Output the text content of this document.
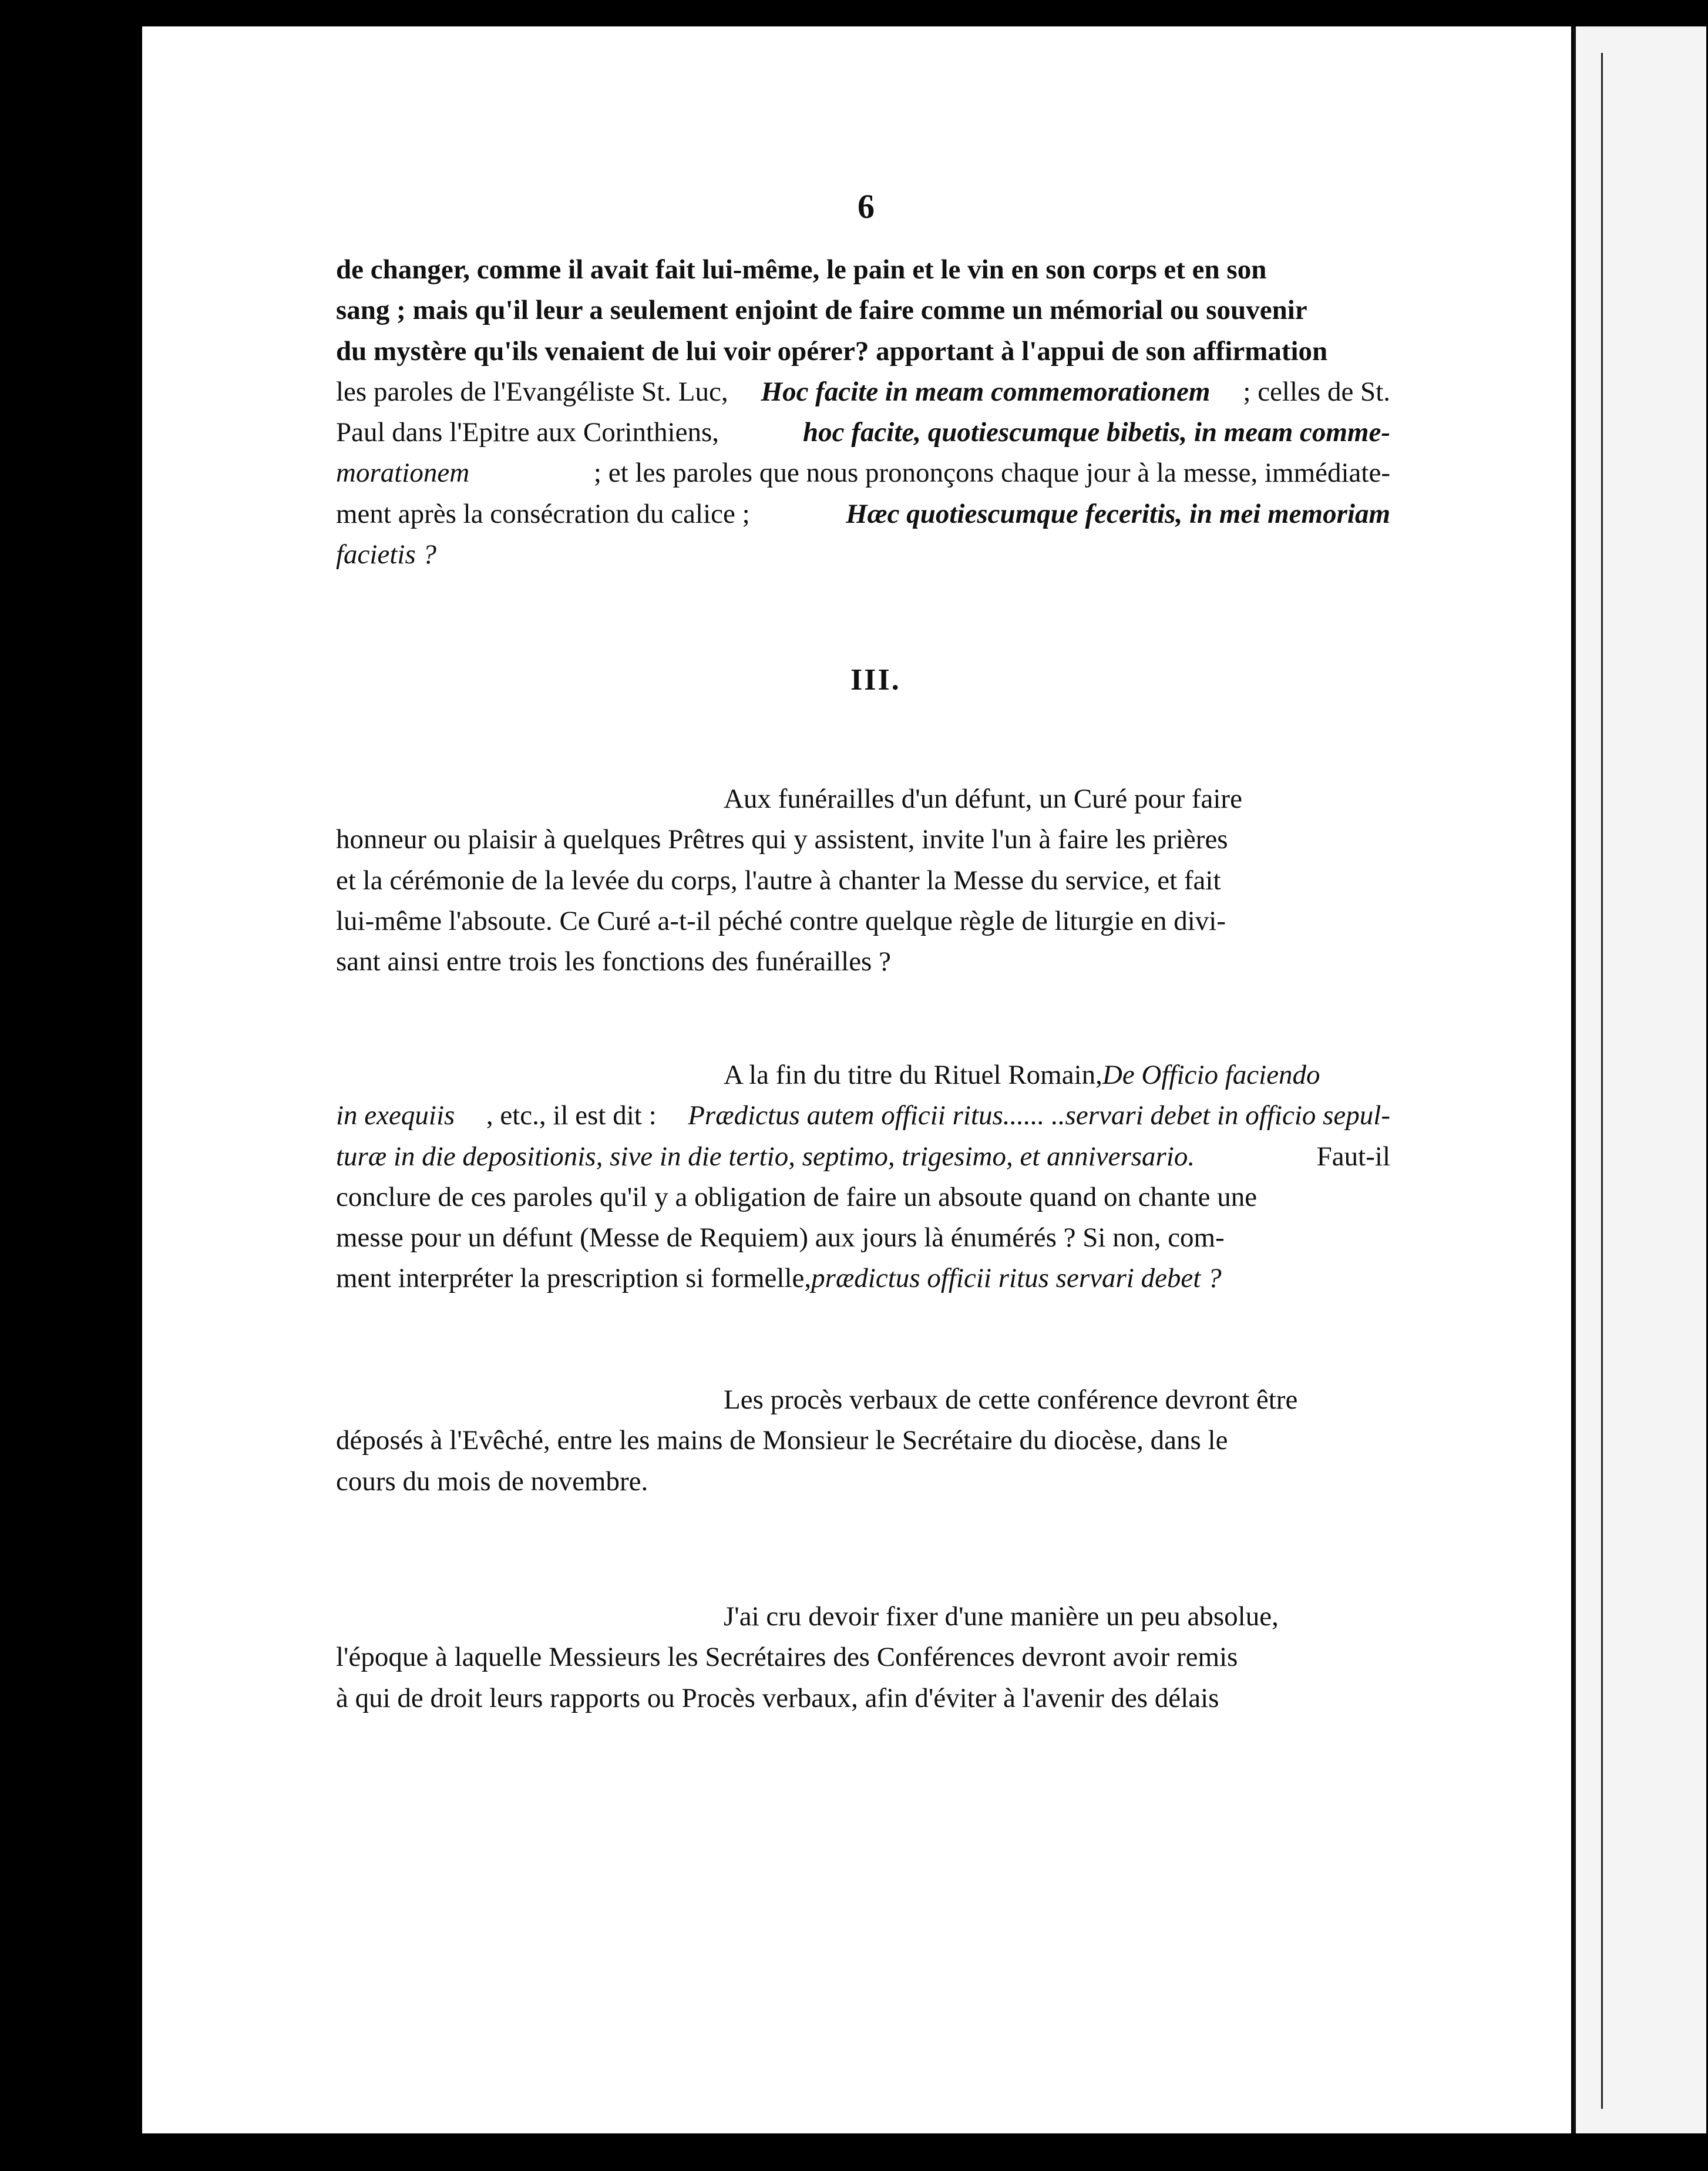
6
de changer, comme il avait fait lui-même, le pain et le vin en son corps et en son
sang ; mais qu'il leur a seulement enjoint de faire comme un mémorial ou souvenir
du mystère qu'ils venaient de lui voir opérer? apportant à l'appui de son affirmation
les paroles de l'Evangéliste St. Luc, Hoc facite in meam commemorationem ; celles de St.
Paul dans l'Epitre aux Corinthiens,	hoc facite, quotiescumque bibetis, in meam comme-
morationem	; et les paroles que nous prononçons chaque jour à la messe, immédiate-
ment après la consécration du calice ;	Hæc quotiescumque feceritis, in mei memoriam
facietis ?
III.
Aux funérailles d'un défunt, un Curé pour faire
honneur ou plaisir à quelques Prêtres qui y assistent, invite l'un à faire les prières
et la cérémonie de la levée du corps, l'autre à chanter la Messe du service, et fait
lui-même l'absoute. Ce Curé a-t-il péché contre quelque règle de liturgie en divi-
sant ainsi entre trois les fonctions des funérailles ?
A la fin du titre du Rituel Romain, De Officio faciendo
in exequiis , etc., il est dit : Prædictus autem officii ritus...... ..servari debet in officio sepul-
turæ in die depositionis, sive in die tertio, septimo, trigesimo, et anniversario.	Faut-il
conclure de ces paroles qu'il y a obligation de faire un absoute quand on chante une
messe pour un défunt (Messe de Requiem) aux jours là énumérés ? Si non, com-
ment interpréter la prescription si formelle, prædictus officii ritus servari debet ?
Les procès verbaux de cette conférence devront être
déposés à l'Evêché, entre les mains de Monsieur le Secrétaire du diocèse, dans le
cours du mois de novembre.
J'ai cru devoir fixer d'une manière un peu absolue,
l'époque à laquelle Messieurs les Secrétaires des Conférences devront avoir remis
à qui de droit leurs rapports ou Procès verbaux, afin d'éviter à l'avenir des délais
